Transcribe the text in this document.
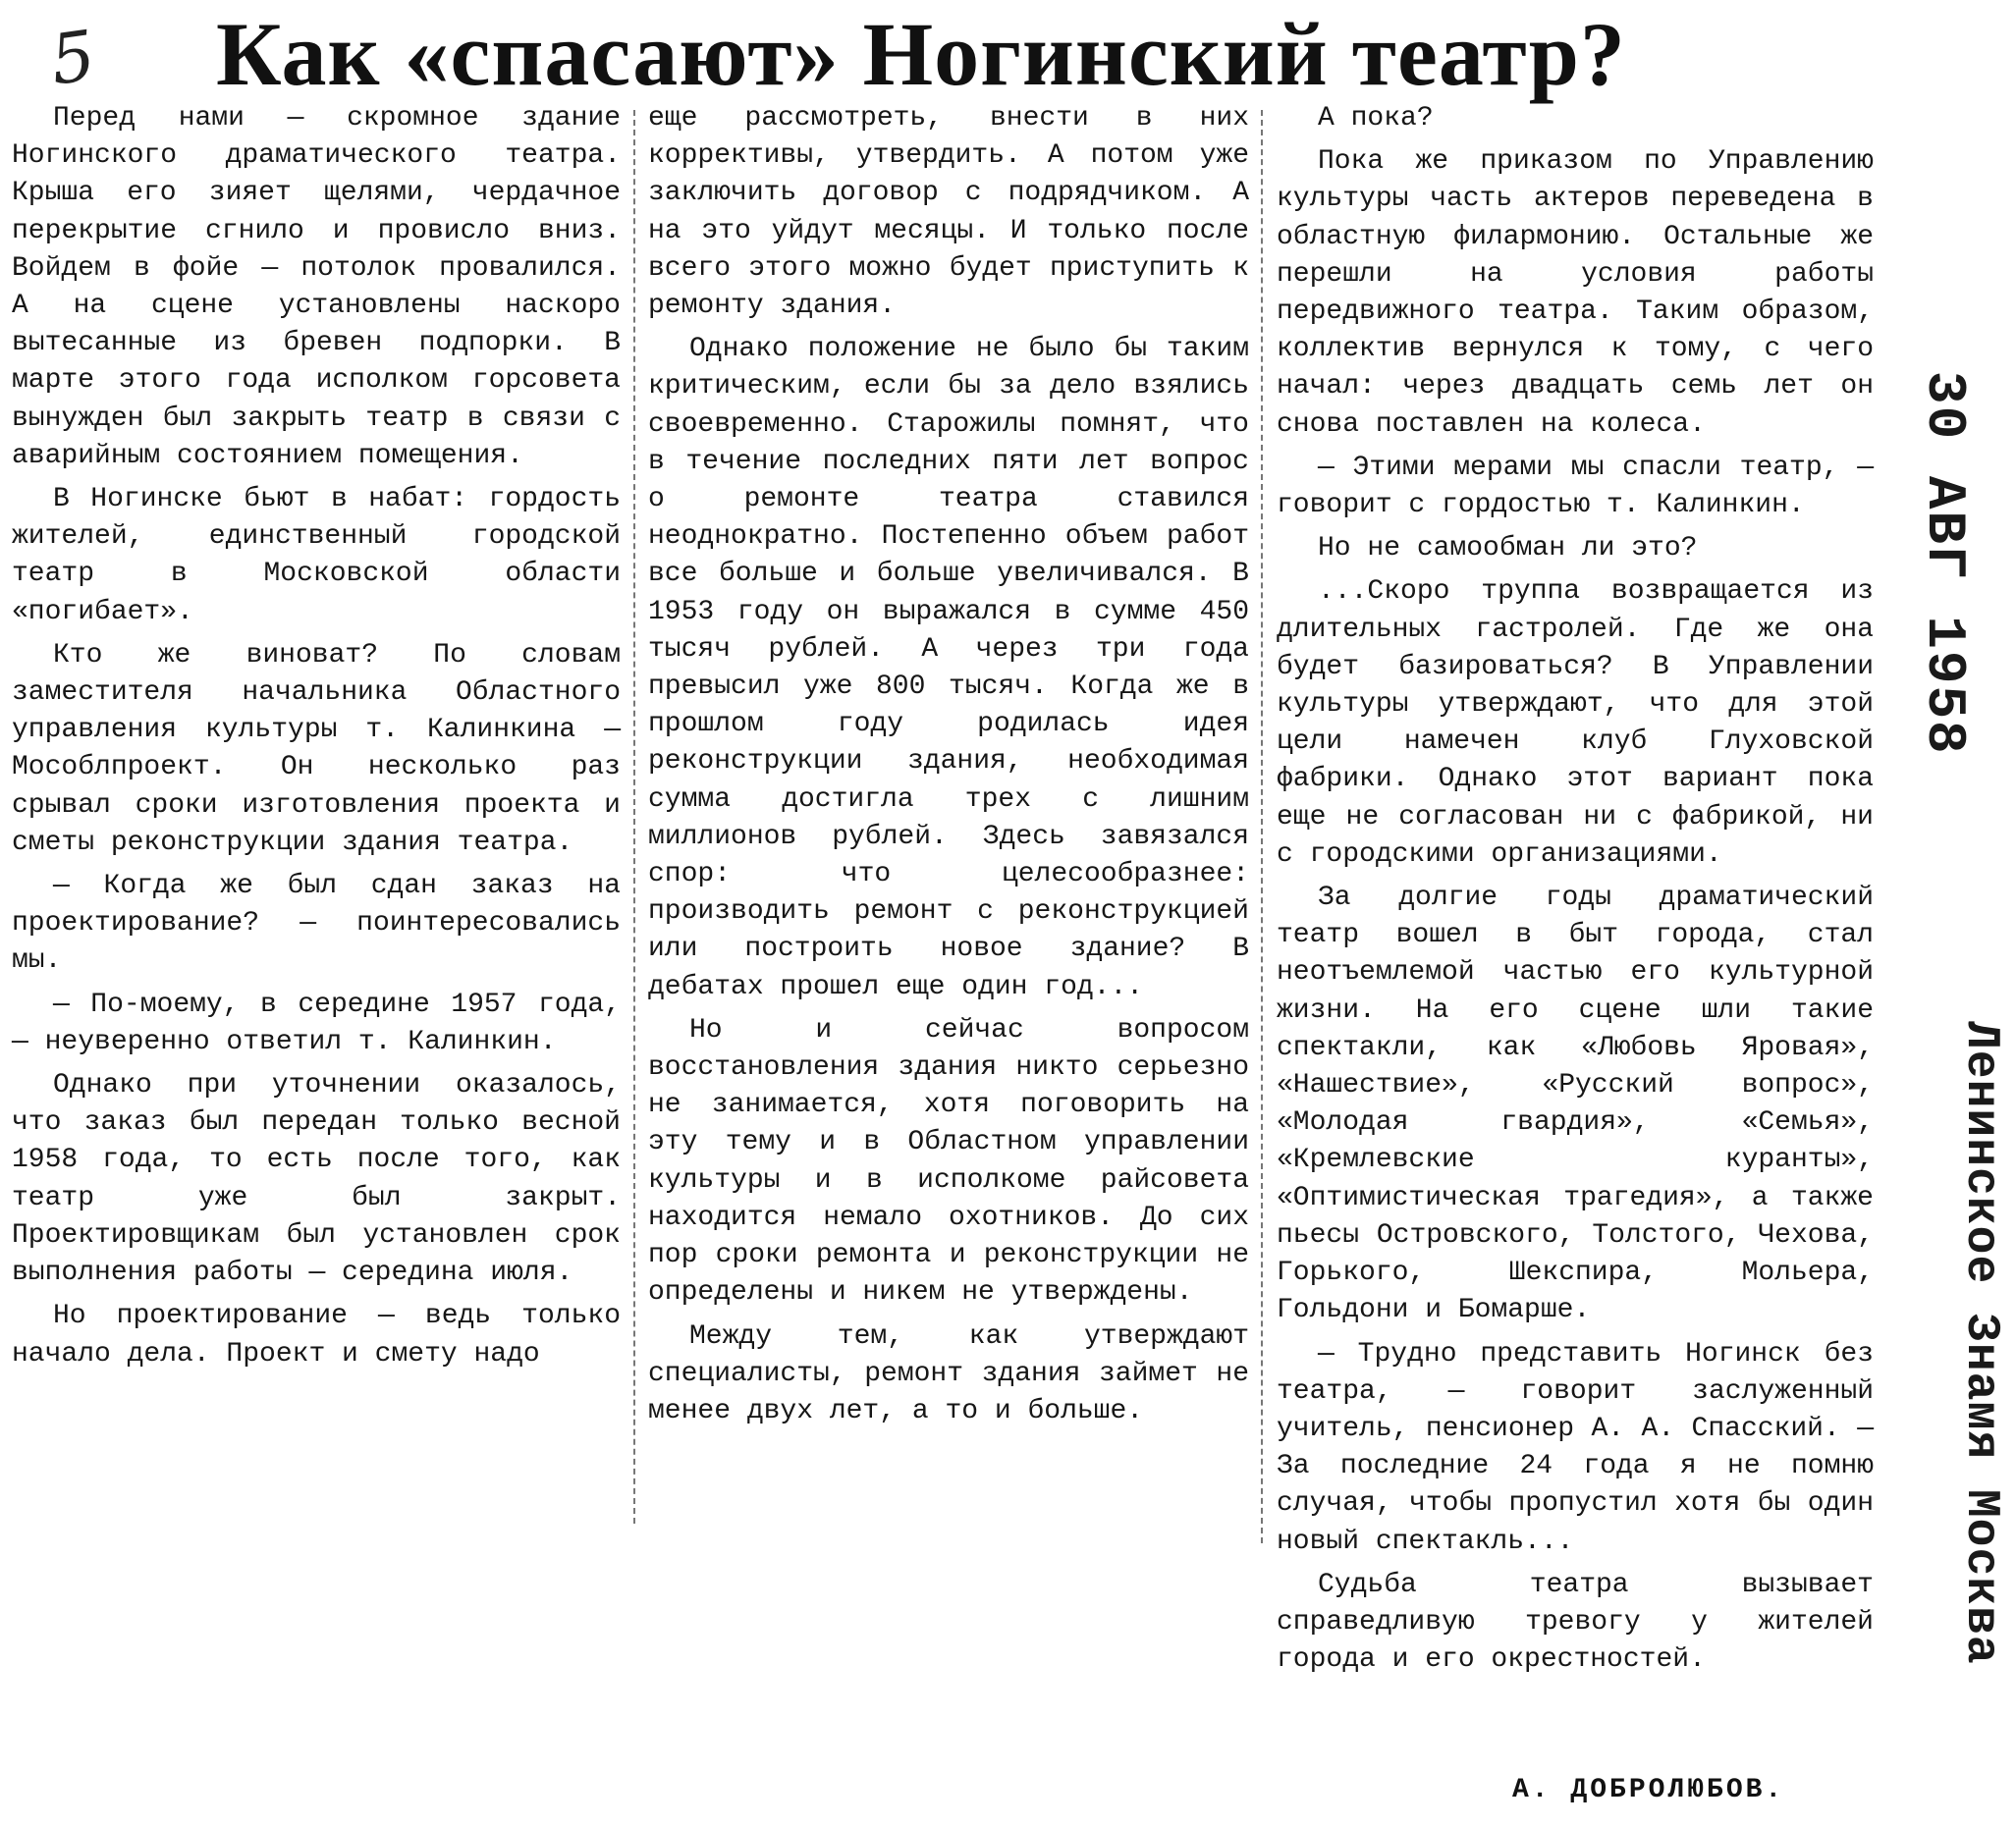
5 Как «спасают» Ногинский театр?

Перед нами — скромное здание Ногинского драматического театра. Крыша его зияет щелями, чердачное перекрытие сгнило и провисло вниз. Войдем в фойе — потолок провалился. А на сцене установлены наскоро вытесанные из бревен подпорки. В марте этого года исполком горсовета вынужден был закрыть театр в связи с аварийным состоянием помещения.

В Ногинске бьют в набат: гордость жителей, единственный городской театр в Московской области «погибает».

Кто же виноват? По словам заместителя начальника Областного управления культуры т. Калинкина — Мособлпроект. Он несколько раз срывал сроки изготовления проекта и сметы реконструкции здания театра.

— Когда же был сдан заказ на проектирование? — поинтересовались мы.

— По-моему, в середине 1957 года, — неуверенно ответил т. Калинкин.

Однако при уточнении оказалось, что заказ был передан только весной 1958 года, то есть после того, как театр уже был закрыт. Проектировщикам был установлен срок выполнения работы — середина июля.

Но проектирование — ведь только начало дела. Проект и смету надо

еще рассмотреть, внести в них коррективы, утвердить. А потом уже заключить договор с подрядчиком. А на это уйдут месяцы. И только после всего этого можно будет приступить к ремонту здания.

Однако положение не было бы таким критическим, если бы за дело взялись своевременно. Старожилы помнят, что в течение последних пяти лет вопрос о ремонте театра ставился неоднократно. Постепенно объем работ все больше и больше увеличивался. В 1953 году он выражался в сумме 450 тысяч рублей. А через три года превысил уже 800 тысяч. Когда же в прошлом году родилась идея реконструкции здания, необходимая сумма достигла трех с лишним миллионов рублей. Здесь завязался спор: что целесообразнее: производить ремонт с реконструкцией или построить новое здание? В дебатах прошел еще один год...

Но и сейчас вопросом восстановления здания никто серьезно не занимается, хотя поговорить на эту тему и в Областном управлении культуры и в исполкоме райсовета находится немало охотников. До сих пор сроки ремонта и реконструкции не определены и никем не утверждены.

Между тем, как утверждают специалисты, ремонт здания займет не менее двух лет, а то и больше.

А пока?

Пока же приказом по Управлению культуры часть актеров переведена в областную филармонию. Остальные же перешли на условия работы передвижного театра. Таким образом, коллектив вернулся к тому, с чего начал: через двадцать семь лет он снова поставлен на колеса.

— Этими мерами мы спасли театр, — говорит с гордостью т. Калинкин.

Но не самообман ли это?

...Скоро труппа возвращается из длительных гастролей. Где же она будет базироваться? В Управлении культуры утверждают, что для этой цели намечен клуб Глуховской фабрики. Однако этот вариант пока еще не согласован ни с фабрикой, ни с городскими организациями.

За долгие годы драматический театр вошел в быт города, стал неотъемлемой частью его культурной жизни. На его сцене шли такие спектакли, как «Любовь Яровая», «Нашествие», «Русский вопрос», «Молодая гвардия», «Семья», «Кремлевские куранты», «Оптимистическая трагедия», а также пьесы Островского, Толстого, Чехова, Горького, Шекспира, Мольера, Гольдони и Бомарше.

— Трудно представить Ногинск без театра, — говорит заслуженный учитель, пенсионер А. А. Спасский. — За последние 24 года я не помню случая, чтобы пропустил хотя бы один новый спектакль...

Судьба театра вызывает справедливую тревогу у жителей города и его окрестностей.

А. ДОБРОЛЮБОВ.
30 АВГ 1958
Ленинское Знамя Москва
